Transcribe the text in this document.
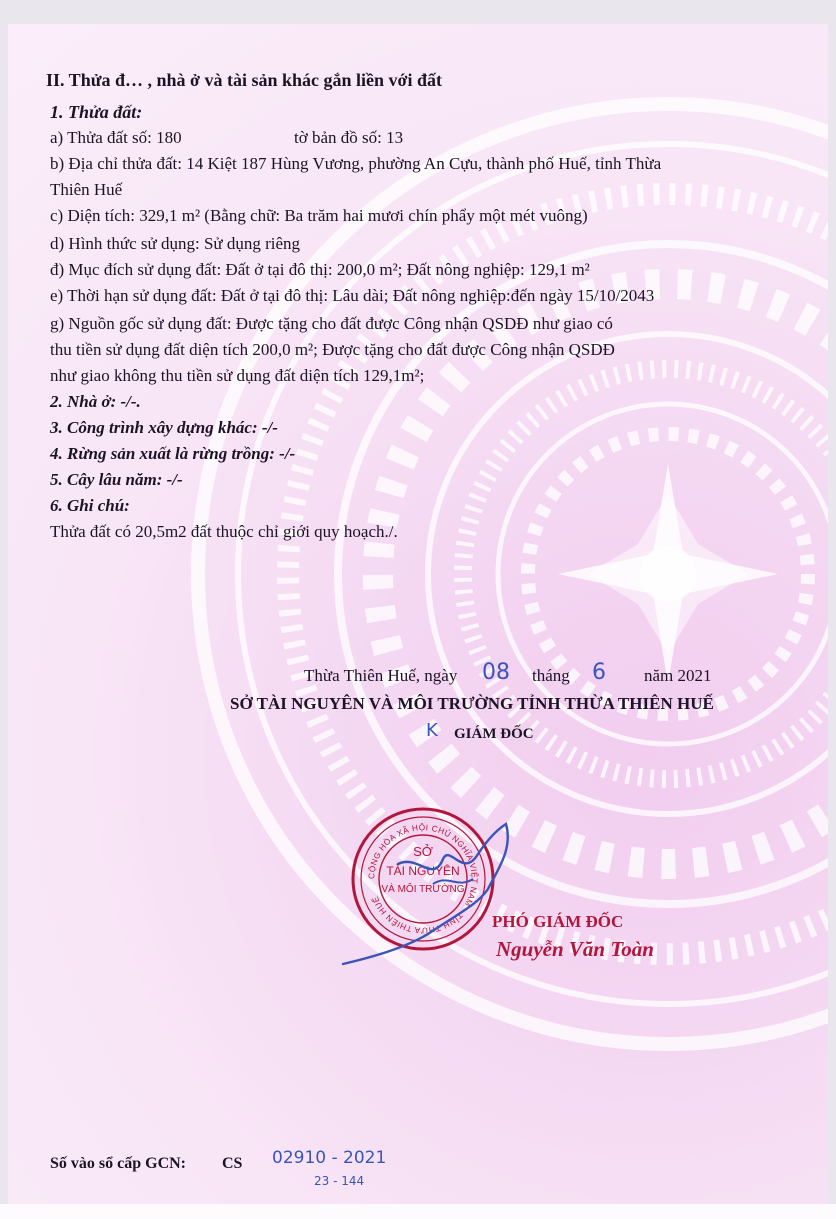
II. Thửa đ… , nhà ở và tài sản khác gắn liền với đất
1. Thửa đất:
a) Thửa đất số: 180	tờ bản đồ số: 13
b) Địa chỉ thửa đất: 14 Kiệt 187 Hùng Vương, phường An Cựu, thành phố Huế, tỉnh Thừa
Thiên Huế
c) Diện tích: 329,1 m² (Bằng chữ: Ba trăm hai mươi chín phẩy một mét vuông)
d) Hình thức sử dụng: Sử dụng riêng
đ) Mục đích sử dụng đất: Đất ở tại đô thị: 200,0 m²; Đất nông nghiệp: 129,1 m²
e) Thời hạn sử dụng đất: Đất ở tại đô thị: Lâu dài; Đất nông nghiệp:đến ngày 15/10/2043
g) Nguồn gốc sử dụng đất: Được tặng cho đất được Công nhận QSDĐ như giao có
thu tiền sử dụng đất diện tích 200,0 m²; Được tặng cho đất được Công nhận QSDĐ
như giao không thu tiền sử dụng đất diện tích 129,1m²;
2. Nhà ở: -/-.
3. Công trình xây dựng khác: -/-
4. Rừng sản xuất là rừng trồng: -/-
5. Cây lâu năm: -/-
6. Ghi chú:
Thửa đất có 20,5m2 đất thuộc chỉ giới quy hoạch./.
Thừa Thiên Huế, ngày 08 tháng 6 năm 2021
SỞ TÀI NGUYÊN VÀ MÔI TRƯỜNG TỈNH THỪA THIÊN HUẾ
K GIÁM ĐỐC
CỘNG HÒA XÃ HỘI CHỦ NGHĨA VIỆT NAM · TỈNH THỪA THIÊN HUẾ
SỞ
TÀI NGUYÊN
VÀ MÔI TRƯỜNG
PHÓ GIÁM ĐỐC
Nguyễn Văn Toàn
Số vào sổ cấp GCN: CS 02910 - 2021
23 - 144
